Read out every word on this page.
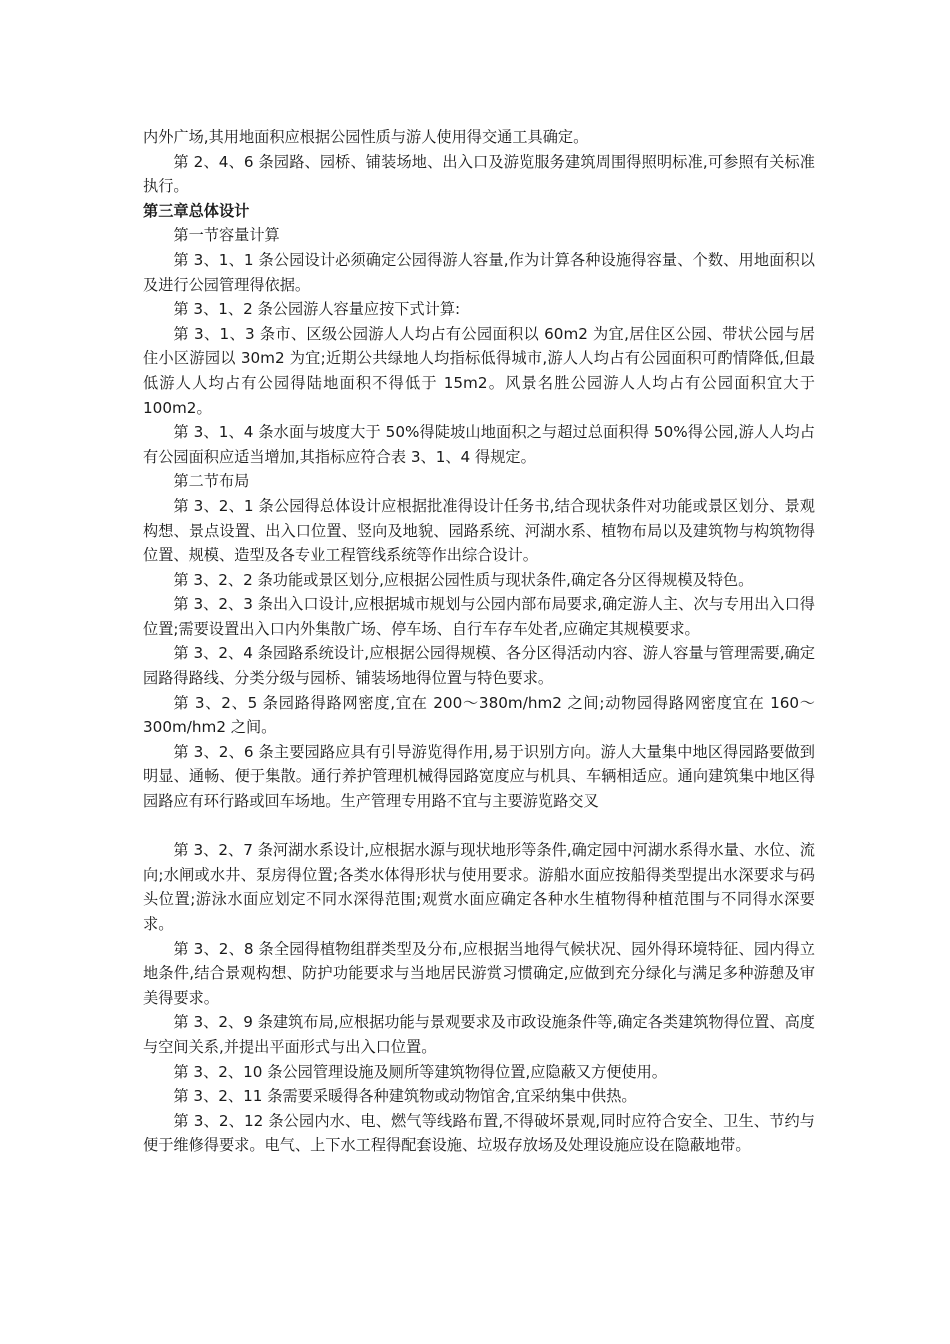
内外广场,其用地面积应根据公园性质与游人使用得交通工具确定。

第 2、4、6 条园路、园桥、铺装场地、出入口及游览服务建筑周围得照明标准,可参照有关标准执行。

第三章总体设计

第一节容量计算

第 3、1、1 条公园设计必须确定公园得游人容量,作为计算各种设施得容量、个数、用地面积以及进行公园管理得依据。

第 3、1、2 条公园游人容量应按下式计算:

第 3、1、3 条市、区级公园游人人均占有公园面积以 60m2 为宜,居住区公园、带状公园与居住小区游园以 30m2 为宜;近期公共绿地人均指标低得城市,游人人均占有公园面积可酌情降低,但最低游人人均占有公园得陆地面积不得低于 15m2。风景名胜公园游人人均占有公园面积宜大于 100m2。

第 3、1、4 条水面与坡度大于 50%得陡坡山地面积之与超过总面积得 50%得公园,游人人均占有公园面积应适当增加,其指标应符合表 3、1、4 得规定。

第二节布局

第 3、2、1 条公园得总体设计应根据批准得设计任务书,结合现状条件对功能或景区划分、景观构想、景点设置、出入口位置、竖向及地貌、园路系统、河湖水系、植物布局以及建筑物与构筑物得位置、规模、造型及各专业工程管线系统等作出综合设计。

第 3、2、2 条功能或景区划分,应根据公园性质与现状条件,确定各分区得规模及特色。

第 3、2、3 条出入口设计,应根据城市规划与公园内部布局要求,确定游人主、次与专用出入口得位置;需要设置出入口内外集散广场、停车场、自行车存车处者,应确定其规模要求。

第 3、2、4 条园路系统设计,应根据公园得规模、各分区得活动内容、游人容量与管理需要,确定园路得路线、分类分级与园桥、铺装场地得位置与特色要求。

第 3、2、5 条园路得路网密度,宜在 200～380m/hm2 之间;动物园得路网密度宜在 160～300m/hm2 之间。

第 3、2、6 条主要园路应具有引导游览得作用,易于识别方向。游人大量集中地区得园路要做到明显、通畅、便于集散。通行养护管理机械得园路宽度应与机具、车辆相适应。通向建筑集中地区得园路应有环行路或回车场地。生产管理专用路不宜与主要游览路交叉

第 3、2、7 条河湖水系设计,应根据水源与现状地形等条件,确定园中河湖水系得水量、水位、流向;水闸或水井、泵房得位置;各类水体得形状与使用要求。游船水面应按船得类型提出水深要求与码头位置;游泳水面应划定不同水深得范围;观赏水面应确定各种水生植物得种植范围与不同得水深要求。

第 3、2、8 条全园得植物组群类型及分布,应根据当地得气候状况、园外得环境特征、园内得立地条件,结合景观构想、防护功能要求与当地居民游赏习惯确定,应做到充分绿化与满足多种游憩及审美得要求。

第 3、2、9 条建筑布局,应根据功能与景观要求及市政设施条件等,确定各类建筑物得位置、高度与空间关系,并提出平面形式与出入口位置。

第 3、2、10 条公园管理设施及厕所等建筑物得位置,应隐蔽又方便使用。

第 3、2、11 条需要采暖得各种建筑物或动物馆舍,宜采纳集中供热。

第 3、2、12 条公园内水、电、燃气等线路布置,不得破坏景观,同时应符合安全、卫生、节约与便于维修得要求。电气、上下水工程得配套设施、垃圾存放场及处理设施应设在隐蔽地带。
